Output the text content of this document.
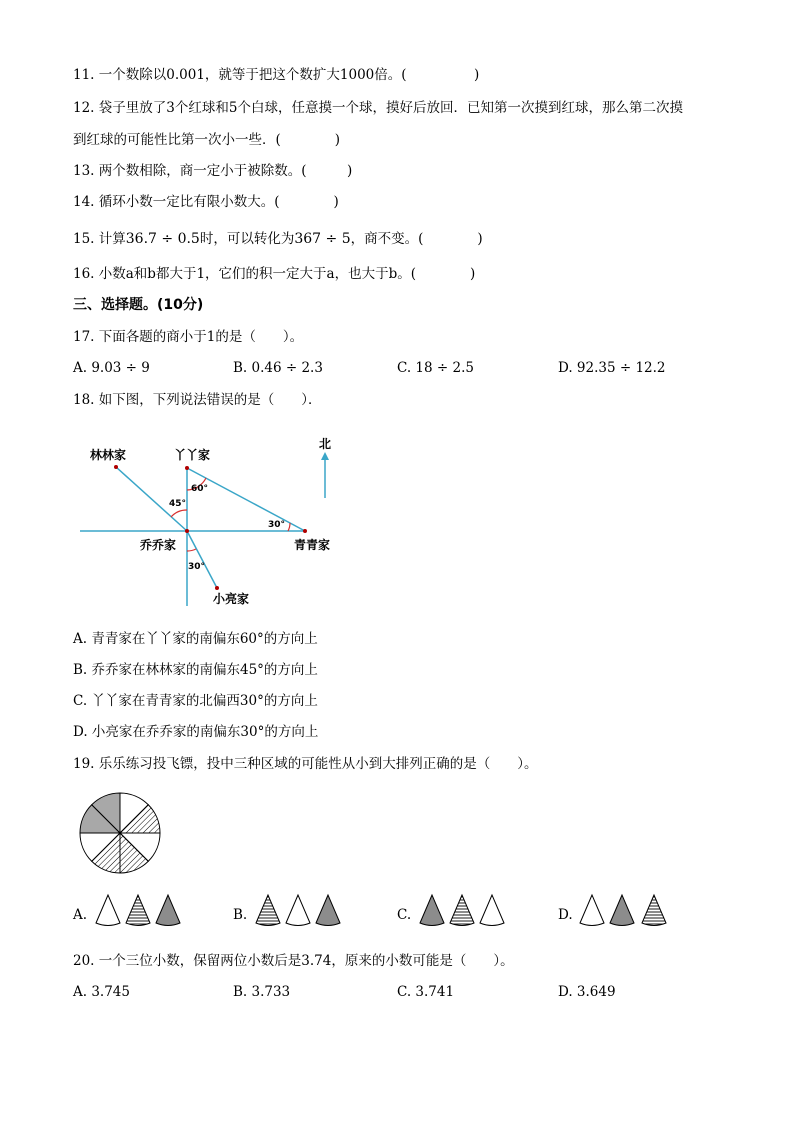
11. 一个数除以0.001，就等于把这个数扩大1000倍。(　　　　　)
12. 袋子里放了3个红球和5个白球，任意摸一个球，摸好后放回．已知第一次摸到红球，那么第二次摸
到红球的可能性比第一次小一些．(　　　　)
13. 两个数相除，商一定小于被除数。(　　　)
14. 循环小数一定比有限小数大。(　　　　)
15. 计算36.7 ÷ 0.5时，可以转化为367 ÷ 5，商不变。(　　　　)
16. 小数a和b都大于1，它们的积一定大于a，也大于b。(　　　　)
三、选择题。(10分)
17. 下面各题的商小于1的是（　　）。
A. 9.03 ÷ 9	B. 0.46 ÷ 2.3	C. 18 ÷ 2.5	D. 92.35 ÷ 12.2
18. 如下图，下列说法错误的是（　　）．
林林家	丫丫家
乔乔家	青青家
小亮家
北
45°
60°
30°
30°
A. 青青家在丫丫家的南偏东60°的方向上
B. 乔乔家在林林家的南偏东45°的方向上
C. 丫丫家在青青家的北偏西30°的方向上
D. 小亮家在乔乔家的南偏东30°的方向上
19. 乐乐练习投飞镖，投中三种区域的可能性从小到大排列正确的是（　　）。
A.	B.	C.	D.
20. 一个三位小数，保留两位小数后是3.74，原来的小数可能是（　　）。
A. 3.745	B. 3.733	C. 3.741	D. 3.649
